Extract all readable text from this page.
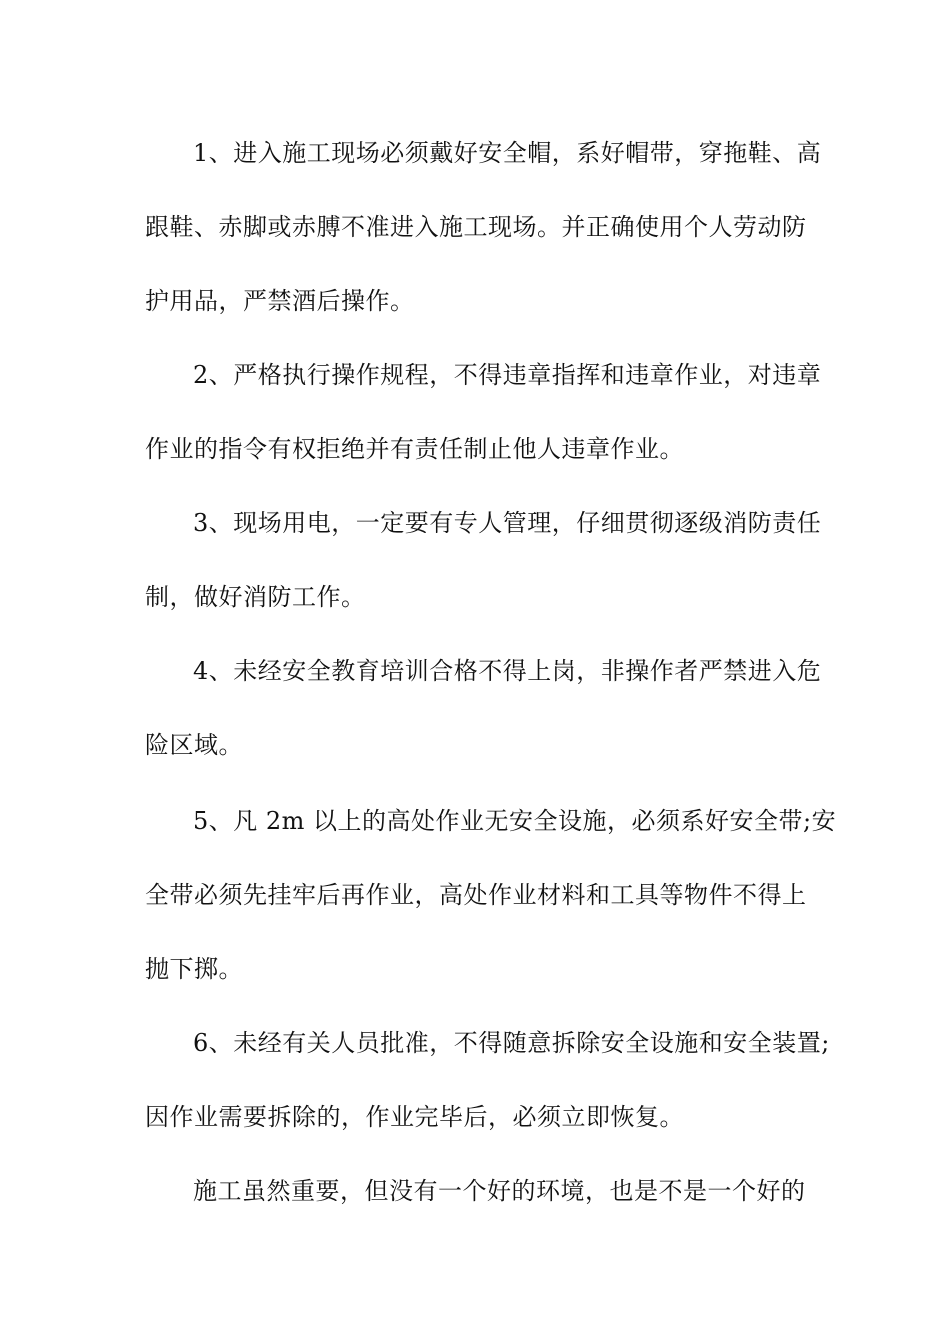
1、进入施工现场必须戴好安全帽，系好帽带，穿拖鞋、高
跟鞋、赤脚或赤膊不准进入施工现场。并正确使用个人劳动防
护用品，严禁酒后操作。
2、严格执行操作规程，不得违章指挥和违章作业，对违章
作业的指令有权拒绝并有责任制止他人违章作业。
3、现场用电，一定要有专人管理，仔细贯彻逐级消防责任
制，做好消防工作。
4、未经安全教育培训合格不得上岗，非操作者严禁进入危
险区域。
5、凡 2m 以上的高处作业无安全设施，必须系好安全带;安
全带必须先挂牢后再作业，高处作业材料和工具等物件不得上
抛下掷。
6、未经有关人员批准，不得随意拆除安全设施和安全装置;
因作业需要拆除的，作业完毕后，必须立即恢复。
施工虽然重要，但没有一个好的环境，也是不是一个好的
